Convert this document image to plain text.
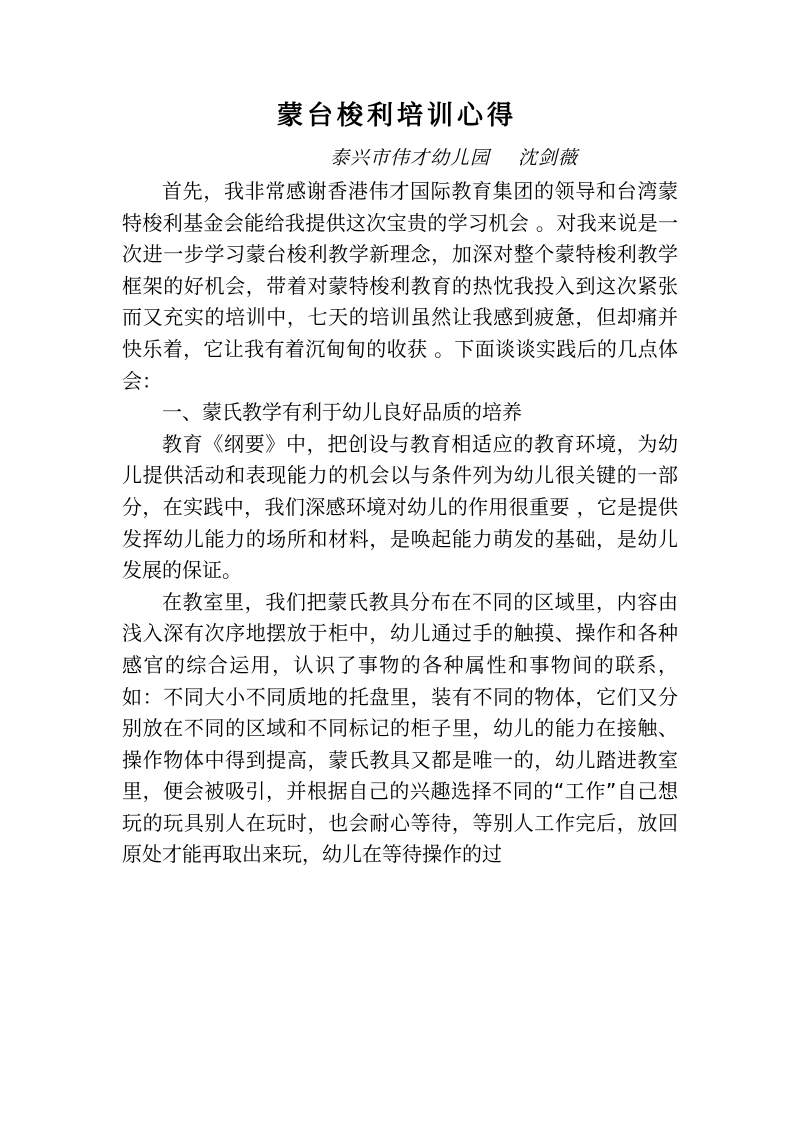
蒙台梭利培训心得
泰兴市伟才幼儿园 沈剑薇

首先，我非常感谢香港伟才国际教育集团的领导和台湾蒙特梭利基金会能给我提供这次宝贵的学习机会 。对我来说是一次进一步学习蒙台梭利教学新理念，加深对整个蒙特梭利教学框架的好机会，带着对蒙特梭利教育的热忱我投入到这次紧张而又充实的培训中，七天的培训虽然让我感到疲惫，但却痛并快乐着，它让我有着沉甸甸的收获 。下面谈谈实践后的几点体会：

一、蒙氏教学有利于幼儿良好品质的培养

教育《纲要》中，把创设与教育相适应的教育环境，为幼儿提供活动和表现能力的机会以与条件列为幼儿很关键的一部分，在实践中，我们深感环境对幼儿的作用很重要 ，它是提供发挥幼儿能力的场所和材料，是唤起能力萌发的基础，是幼儿发展的保证。

在教室里，我们把蒙氏教具分布在不同的区域里，内容由浅入深有次序地摆放于柜中，幼儿通过手的触摸、操作和各种感官的综合运用，认识了事物的各种属性和事物间的联系，如：不同大小不同质地的托盘里，装有不同的物体，它们又分别放在不同的区域和不同标记的柜子里，幼儿的能力在接触、操作物体中得到提高，蒙氏教具又都是唯一的，幼儿踏进教室里，便会被吸引，并根据自己的兴趣选择不同的“工作”自己想玩的玩具别人在玩时，也会耐心等待，等别人工作完后，放回原处才能再取出来玩，幼儿在等待操作的过
